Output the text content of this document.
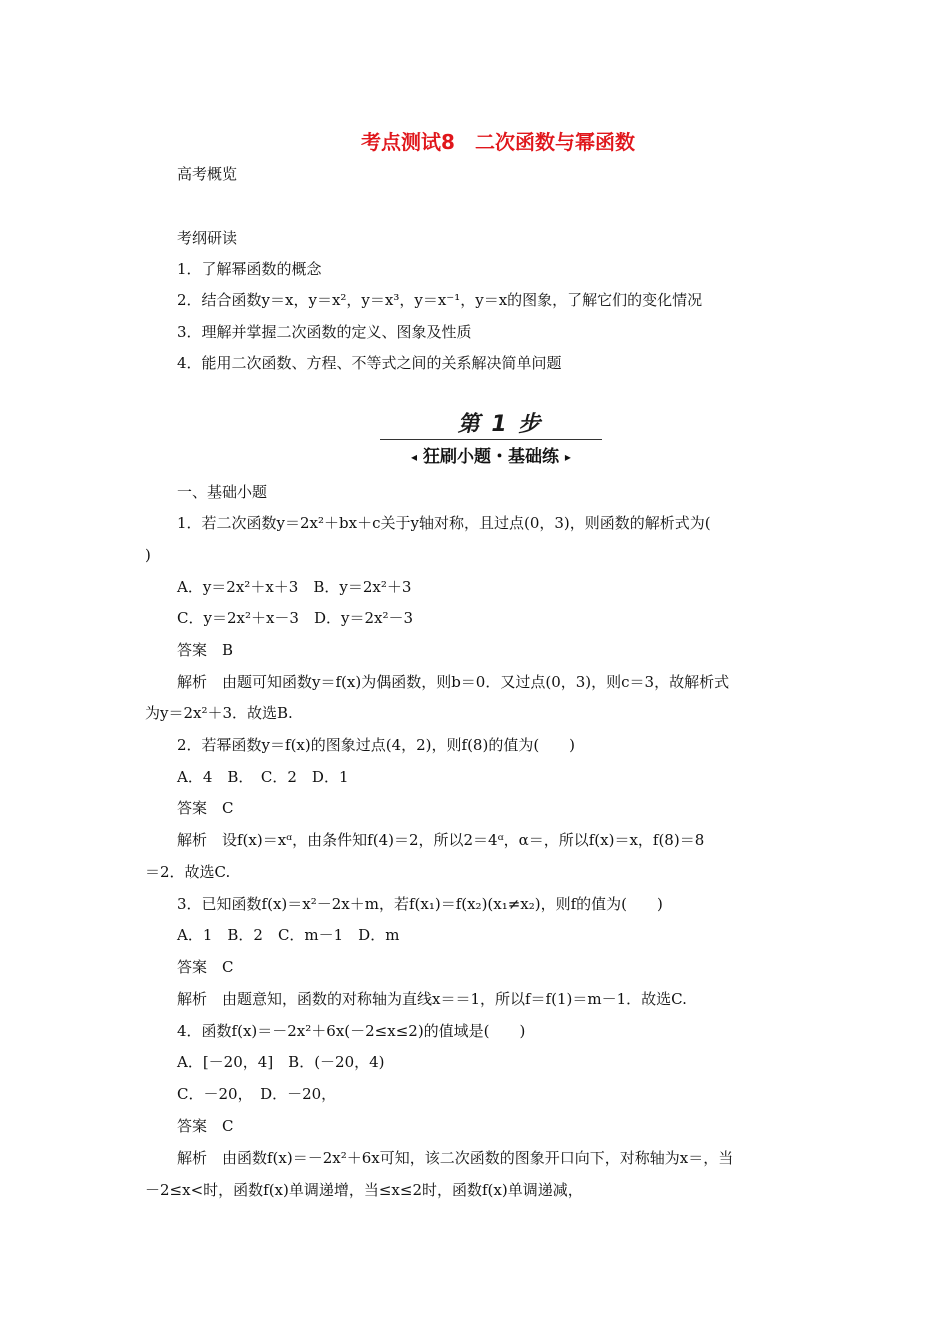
考点测试8　二次函数与幂函数
高考概览
考纲研读
1．了解幂函数的概念
2．结合函数y＝x，y＝x²，y＝x³，y＝x⁻¹，y＝x的图象，了解它们的变化情况
3．理解并掌握二次函数的定义、图象及性质
4．能用二次函数、方程、不等式之间的关系解决简单问题
第 1 步
◂ 狂刷小题・基础练 ▸
一、基础小题
1．若二次函数y＝2x²＋bx＋c关于y轴对称，且过点(0，3)，则函数的解析式为(
)
A．y＝2x²＋x＋3　B．y＝2x²＋3
C．y＝2x²＋x－3　D．y＝2x²－3
答案　B
解析　由题可知函数y＝f(x)为偶函数，则b＝0．又过点(0，3)，则c＝3，故解析式
为y＝2x²＋3．故选B.
2．若幂函数y＝f(x)的图象过点(4，2)，则f(8)的值为(　　)
A．4　B．　C．2　D．1
答案　C
解析　设f(x)＝xᵅ，由条件知f(4)＝2，所以2＝4ᵅ，α＝，所以f(x)＝x，f(8)＝8
＝2．故选C.
3．已知函数f(x)＝x²－2x＋m，若f(x₁)＝f(x₂)(x₁≠x₂)，则f的值为(　　)
A．1　B．2　C．m－1　D．m
答案　C
解析　由题意知，函数的对称轴为直线x＝＝1，所以f＝f(1)＝m－1．故选C.
4．函数f(x)＝－2x²＋6x(－2≤x≤2)的值域是(　　)
A．[－20，4]　B．(－20，4)
C．－20，　D．－20，
答案　C
解析　由函数f(x)＝－2x²＋6x可知，该二次函数的图象开口向下，对称轴为x＝，当
－2≤x<时，函数f(x)单调递增，当≤x≤2时，函数f(x)单调递减，
